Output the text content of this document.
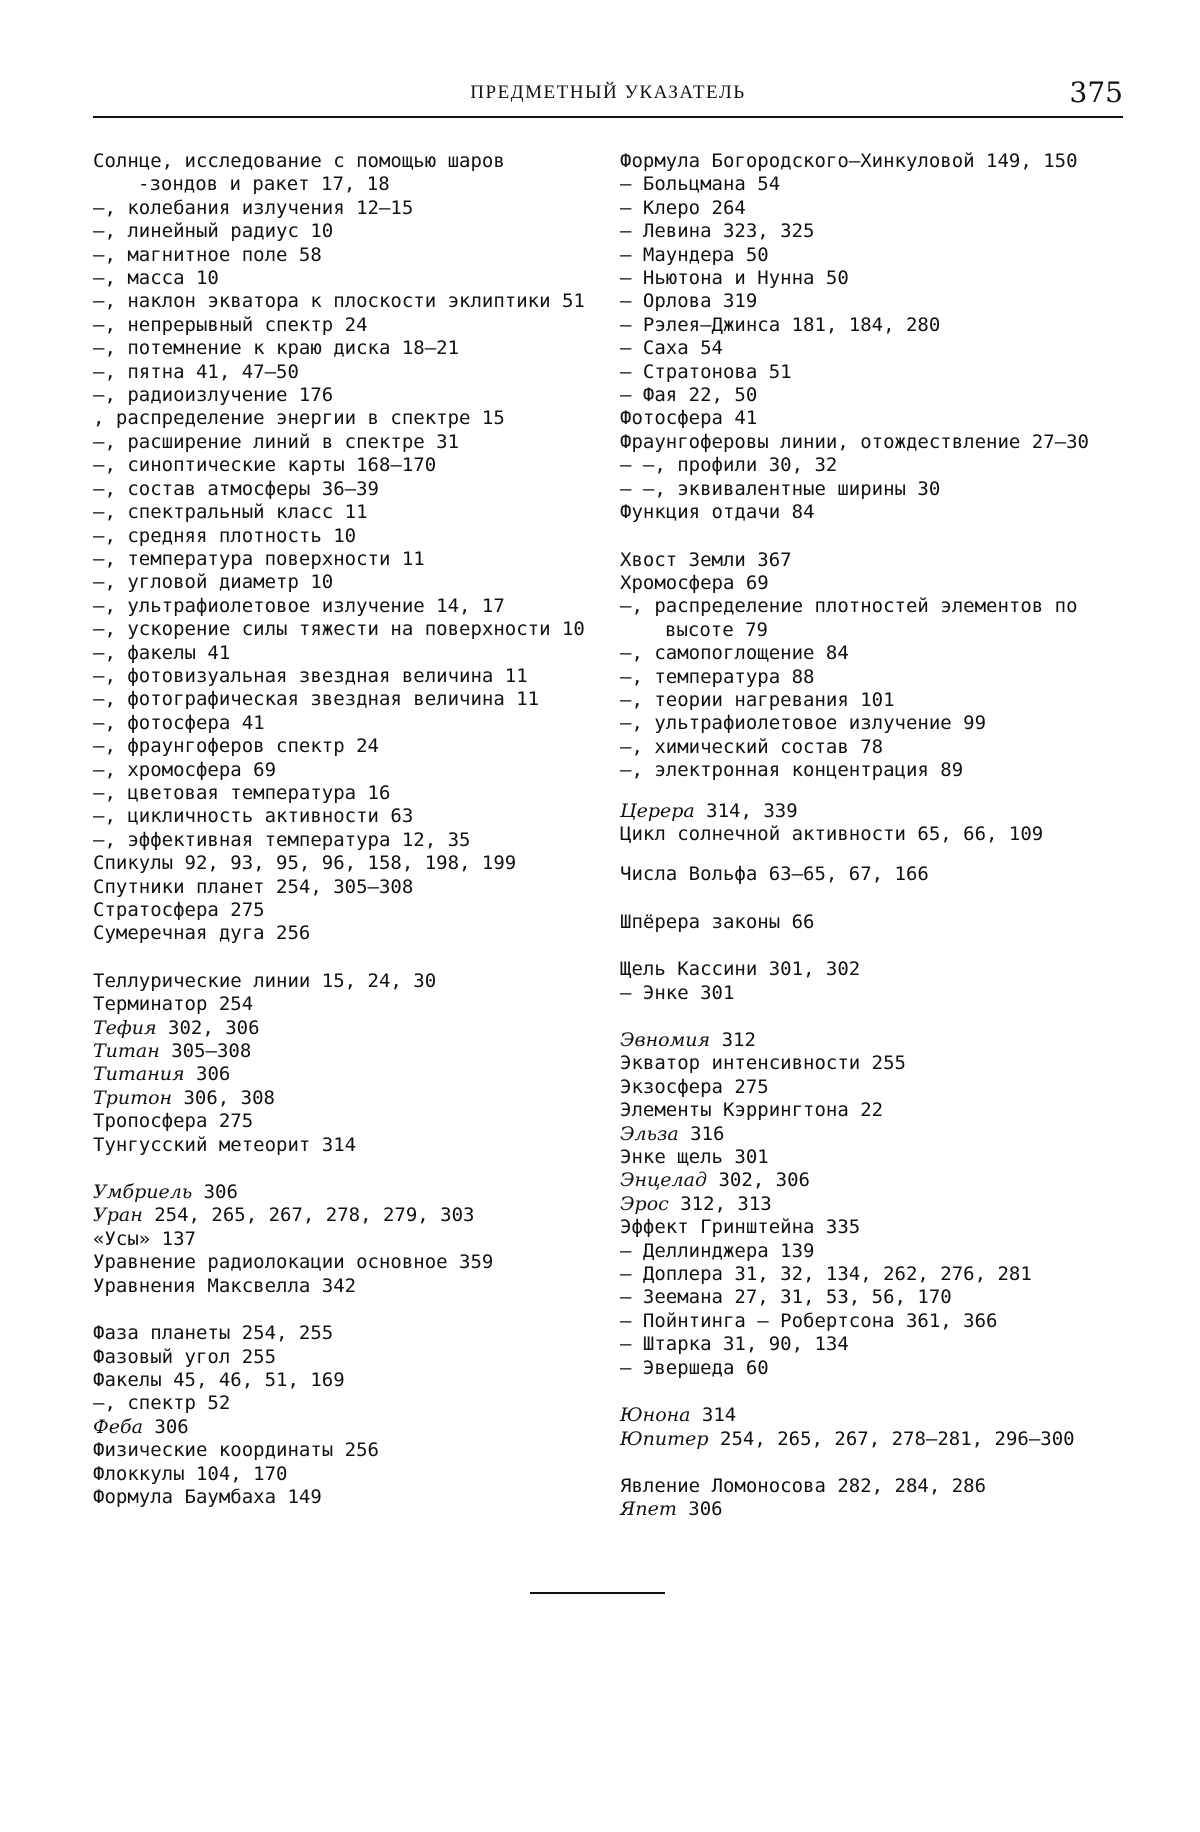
ПРЕДМЕТНЫЙ УКАЗАТЕЛЬ	375
Солнце, исследование с помощью шаров -зондов и ракет 17, 18
—, колебания излучения 12—15
—, линейный радиус 10
—, магнитное поле 58
—, масса 10
—, наклон экватора к плоскости эклиптики 51
—, непрерывный спектр 24
—, потемнение к краю диска 18—21
—, пятна 41, 47—50
—, радиоизлучение 176
, распределение энергии в спектре 15
—, расширение линий в спектре 31
—, синоптические карты 168—170
—, состав атмосферы 36—39
—, спектральный класс 11
—, средняя плотность 10
—, температура поверхности 11
—, угловой диаметр 10
—, ультрафиолетовое излучение 14, 17
—, ускорение силы тяжести на поверхности 10
—, факелы 41
—, фотовизуальная звездная величина 11
—, фотографическая звездная величина 11
—, фотосфера 41
—, фраунгоферов спектр 24
—, хромосфера 69
—, цветовая температура 16
—, цикличность активности 63
—, эффективная температура 12, 35
Спикулы 92, 93, 95, 96, 158, 198, 199
Спутники планет 254, 305—308
Стратосфера 275
Сумеречная дуга 256
Теллурические линии 15, 24, 30
Терминатор 254
Тефия 302, 306
Титан 305—308
Титания 306
Тритон 306, 308
Тропосфера 275
Тунгусский метеорит 314
Умбриель 306
Уран 254, 265, 267, 278, 279, 303
«Усы» 137
Уравнение радиолокации основное 359
Уравнения Максвелла 342
Фаза планеты 254, 255
Фазовый угол 255
Факелы 45, 46, 51, 169
—, спектр 52
Феба 306
Физические координаты 256
Флоккулы 104, 170
Формула Баумбаха 149
Формула Богородского—Хинкуловой 149, 150
— Больцмана 54
— Клеро 264
— Левина 323, 325
— Маундера 50
— Ньютона и Нунна 50
— Орлова 319
— Рэлея—Джинса 181, 184, 280
— Саха 54
— Стратонова 51
— Фая 22, 50
Фотосфера 41
Фраунгоферовы линии, отождествление 27—30
— —, профили 30, 32
— —, эквивалентные ширины 30
Функция отдачи 84
Хвост Земли 367
Хромосфера 69
—, распределение плотностей элементов по высоте 79
—, самопоглощение 84
—, температура 88
—, теории нагревания 101
—, ультрафиолетовое излучение 99
—, химический состав 78
—, электронная концентрация 89
Церера 314, 339
Цикл солнечной активности 65, 66, 109
Числа Вольфа 63—65, 67, 166
Шпёрера законы 66
Щель Кассини 301, 302
— Энке 301
Эвномия 312
Экватор интенсивности 255
Экзосфера 275
Элементы Кэррингтона 22
Эльза 316
Энке щель 301
Энцелад 302, 306
Эрос 312, 313
Эффект Гринштейна 335
— Деллинджера 139
— Доплера 31, 32, 134, 262, 276, 281
— Зеемана 27, 31, 53, 56, 170
— Пойнтинга — Робертсона 361, 366
— Штарка 31, 90, 134
— Эвершеда 60
Юнона 314
Юпитер 254, 265, 267, 278—281, 296—300
Явление Ломоносова 282, 284, 286
Япет 306
